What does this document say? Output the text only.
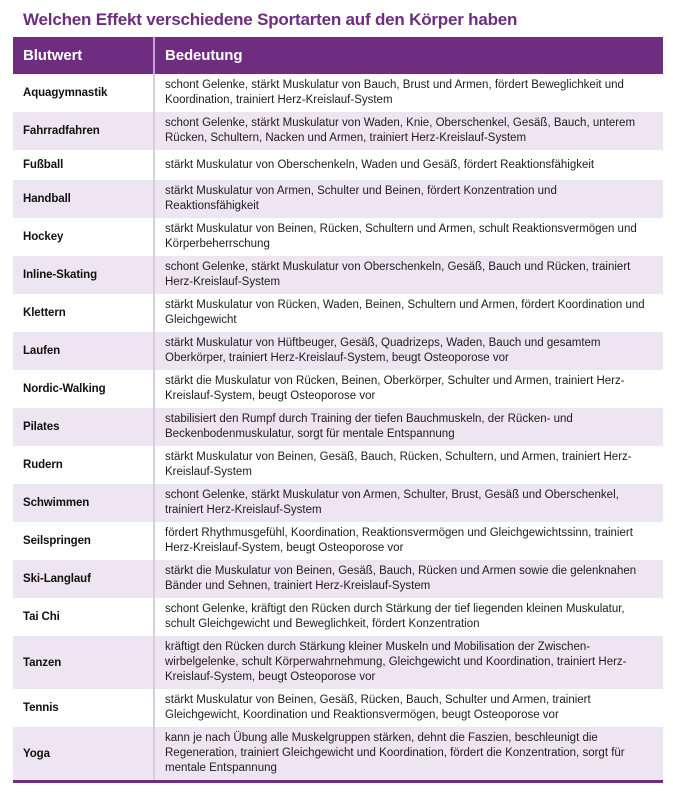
Welchen Effekt verschiedene Sportarten auf den Körper haben
Blutwert	Bedeutung
Aquagymnastik
schont Gelenke, stärkt Muskulatur von Bauch, Brust und Armen, fördert Beweglichkeit und Koordination, trainiert Herz-Kreislauf-System
Fahrradfahren
schont Gelenke, stärkt Muskulatur von Waden, Knie, Oberschenkel, Gesäß, Bauch, unterem Rücken, Schultern, Nacken und Armen, trainiert Herz-Kreislauf-System
Fußball	stärkt Muskulatur von Oberschenkeln, Waden und Gesäß, fördert Reaktionsfähigkeit
Handball
stärkt Muskulatur von Armen, Schulter und Beinen, fördert Konzentration und Reaktionsfähigkeit
Hockey
stärkt Muskulatur von Beinen, Rücken, Schultern und Armen, schult Reaktionsvermögen und Körperbeherrschung
Inline-Skating
schont Gelenke, stärkt Muskulatur von Oberschenkeln, Gesäß, Bauch und Rücken, trainiert Herz-Kreislauf-System
Klettern
stärkt Muskulatur von Rücken, Waden, Beinen, Schultern und Armen, fördert Koordination und Gleichgewicht
Laufen
stärkt Muskulatur von Hüftbeuger, Gesäß, Quadrizeps, Waden, Bauch und gesamtem Oberkörper, trainiert Herz-Kreislauf-System, beugt Osteoporose vor
Nordic-Walking
stärkt die Muskulatur von Rücken, Beinen, Oberkörper, Schulter und Armen, trainiert Herz-Kreislauf-System, beugt Osteoporose vor
Pilates
stabilisiert den Rumpf durch Training der tiefen Bauchmuskeln, der Rücken- und Beckenbodenmuskulatur, sorgt für mentale Entspannung
Rudern
stärkt Muskulatur von Beinen, Gesäß, Bauch, Rücken, Schultern, und Armen, trainiert Herz-Kreislauf-System
Schwimmen
schont Gelenke, stärkt Muskulatur von Armen, Schulter, Brust, Gesäß und Oberschenkel, trainiert Herz-Kreislauf-System
Seilspringen
fördert Rhythmusgefühl, Koordination, Reaktionsvermögen und Gleichgewichtssinn, trainiert Herz-Kreislauf-System, beugt Osteoporose vor
Ski-Langlauf
stärkt die Muskulatur von Beinen, Gesäß, Bauch, Rücken und Armen sowie die gelenknahen Bänder und Sehnen, trainiert Herz-Kreislauf-System
Tai Chi
schont Gelenke, kräftigt den Rücken durch Stärkung der tief liegenden kleinen Muskulatur, schult Gleichgewicht und Beweglichkeit, fördert Konzentration
Tanzen
kräftigt den Rücken durch Stärkung kleiner Muskeln und Mobilisation der Zwischenwirbelgelenke, schult Körperwahrnehmung, Gleichgewicht und Koordination, trainiert Herz-Kreislauf-System, beugt Osteoporose vor
Tennis
stärkt Muskulatur von Beinen, Gesäß, Rücken, Bauch, Schulter und Armen, trainiert Gleichgewicht, Koordination und Reaktionsvermögen, beugt Osteoporose vor
Yoga
kann je nach Übung alle Muskelgruppen stärken, dehnt die Faszien, beschleunigt die Regeneration, trainiert Gleichgewicht und Koordination, fördert die Konzentration, sorgt für mentale Entspannung
